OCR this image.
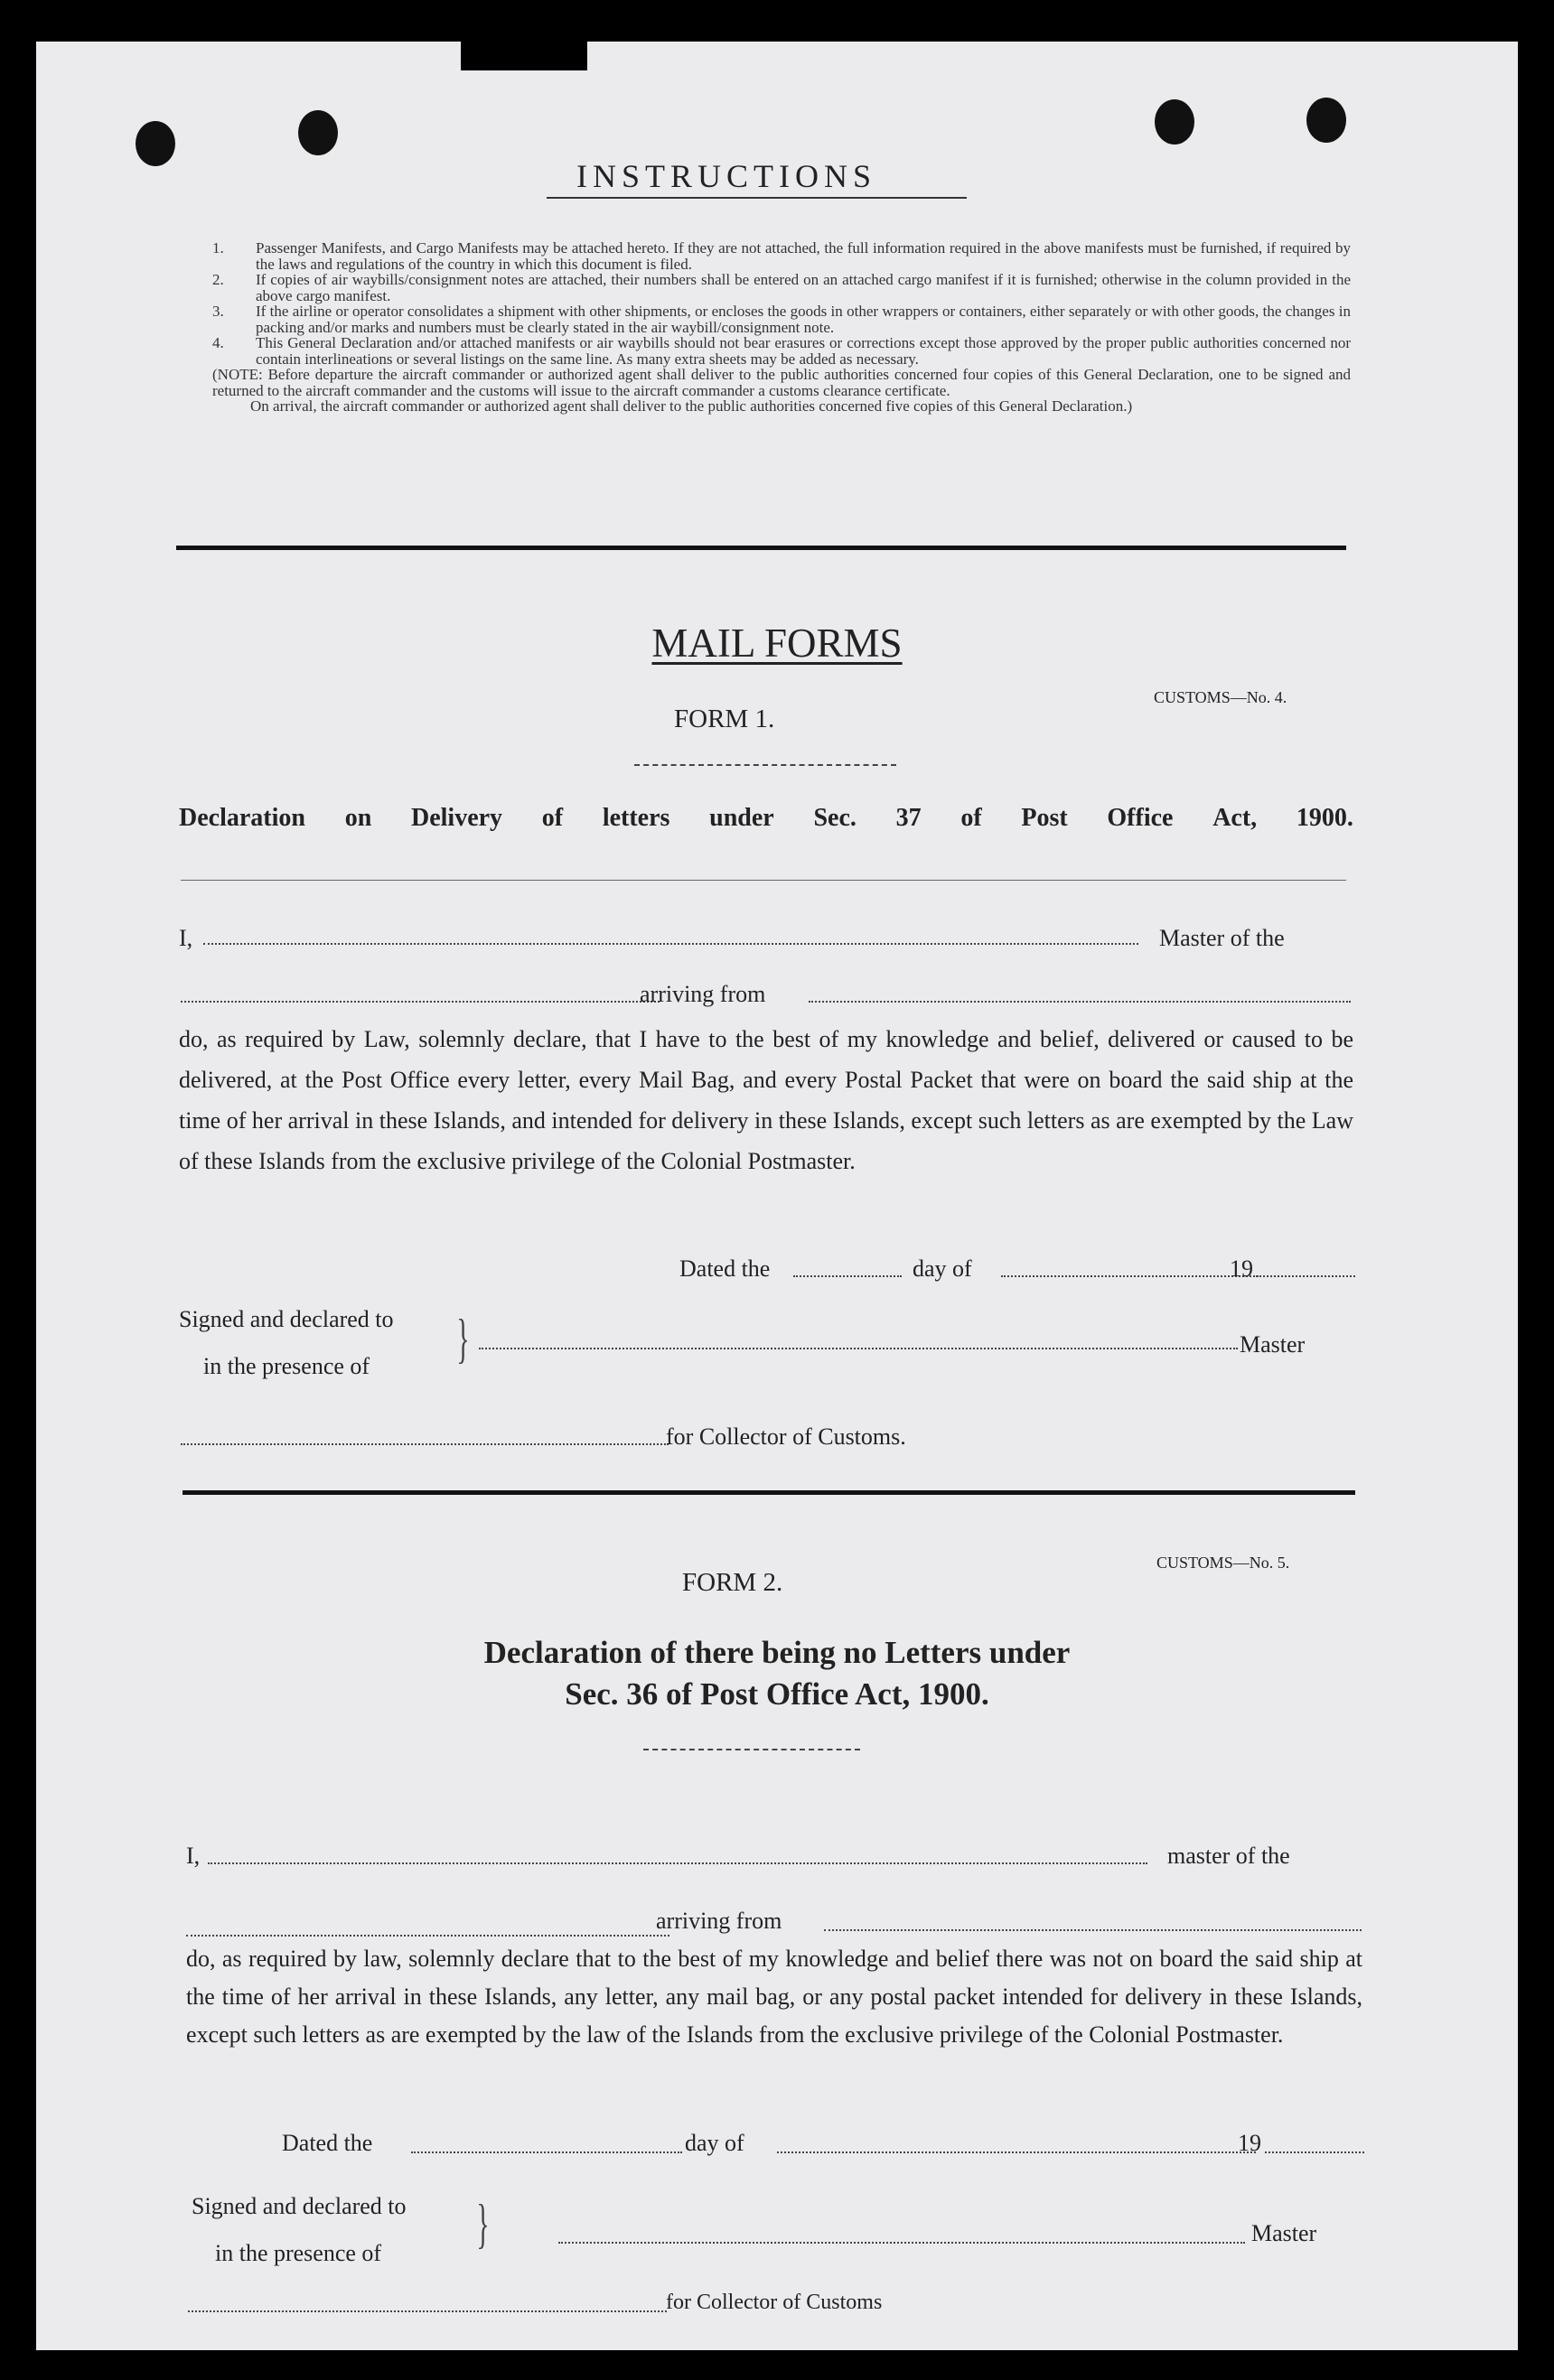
INSTRUCTIONS
1. Passenger Manifests, and Cargo Manifests may be attached hereto. If they are not attached, the full information required in the above manifests must be furnished, if required by the laws and regulations of the country in which this document is filed.
2. If copies of air waybills/consignment notes are attached, their numbers shall be entered on an attached cargo manifest if it is furnished; otherwise in the column provided in the above cargo manifest.
3. If the airline or operator consolidates a shipment with other shipments, or encloses the goods in other wrappers or containers, either separately or with other goods, the changes in packing and/or marks and numbers must be clearly stated in the air waybill/consignment note.
4. This General Declaration and/or attached manifests or air waybills should not bear erasures or corrections except those approved by the proper public authorities concerned nor contain interlineations or several listings on the same line. As many extra sheets may be added as necessary.
(NOTE: Before departure the aircraft commander or authorized agent shall deliver to the public authorities concerned four copies of this General Declaration, one to be signed and returned to the aircraft commander and the customs will issue to the aircraft commander a customs clearance certificate.
On arrival, the aircraft commander or authorized agent shall deliver to the public authorities concerned five copies of this General Declaration.)
MAIL FORMS
CUSTOMS—No. 4.
FORM 1.
Declaration on Delivery of letters under Sec. 37 of Post Office Act, 1900.
I,	Master of the
arriving from
do, as required by Law, solemnly declare, that I have to the best of my knowledge and belief, delivered or caused to be delivered, at the Post Office every letter, every Mail Bag, and every Postal Packet that were on board the said ship at the time of her arrival in these Islands, and intended for delivery in these Islands, except such letters as are exempted by the Law of these Islands from the exclusive privilege of the Colonial Postmaster.
Dated the	day of	19
Signed and declared to
in the presence of }	Master
for Collector of Customs.
CUSTOMS—No. 5.
FORM 2.
Declaration of there being no Letters under
Sec. 36 of Post Office Act, 1900.
I,	master of the
arriving from
do, as required by law, solemnly declare that to the best of my knowledge and belief there was not on board the said ship at the time of her arrival in these Islands, any letter, any mail bag, or any postal packet intended for delivery in these Islands, except such letters as are exempted by the law of the Islands from the exclusive privilege of the Colonial Postmaster.
Dated the	day of	19
Signed and declared to
in the presence of }	Master
for Collector of Customs
